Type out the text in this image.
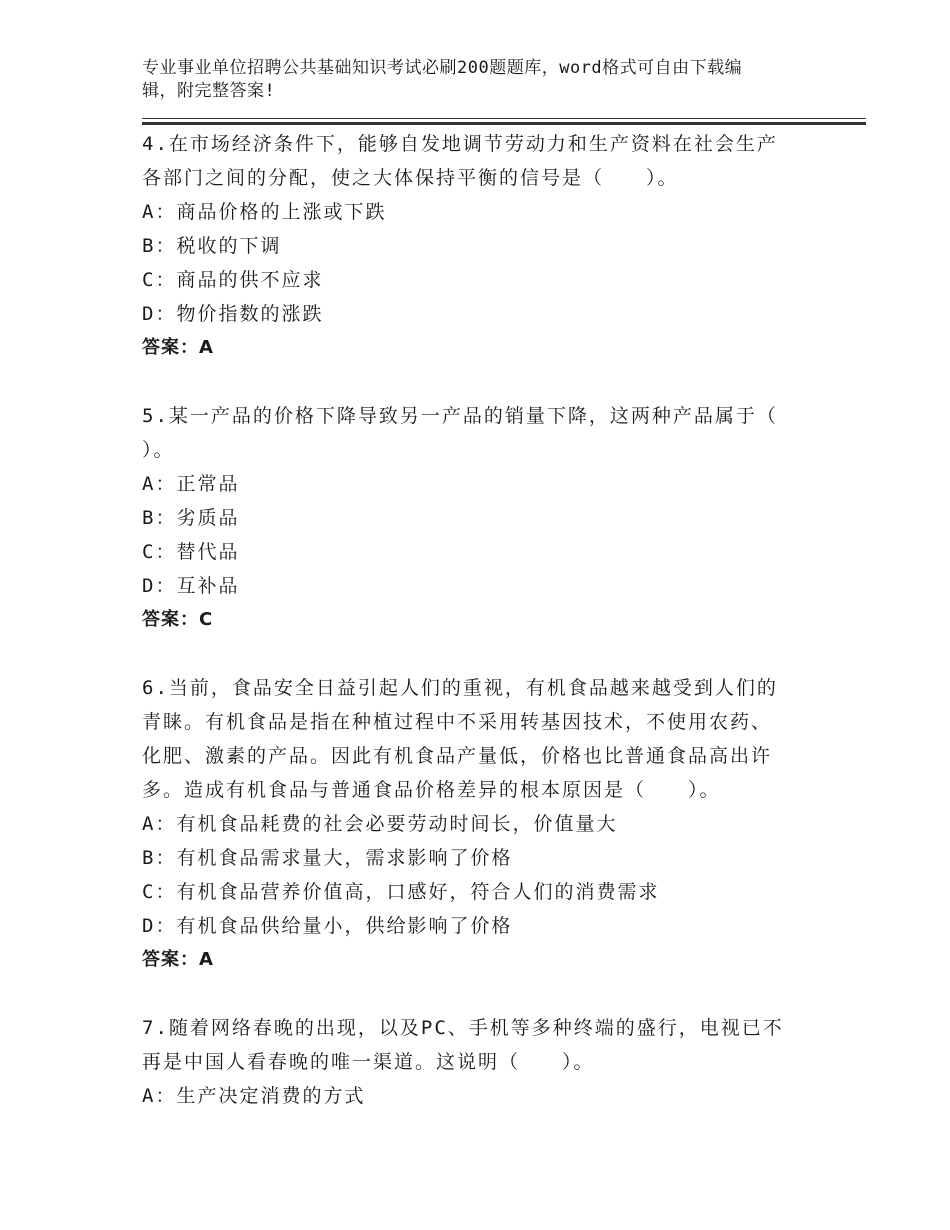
专业事业单位招聘公共基础知识考试必刷200题题库，word格式可自由下载编
辑，附完整答案!
4.在市场经济条件下，能够自发地调节劳动力和生产资料在社会生产
各部门之间的分配，使之大体保持平衡的信号是（　　）。
A：商品价格的上涨或下跌
B：税收的下调
C：商品的供不应求
D：物价指数的涨跌
答案：A
5.某一产品的价格下降导致另一产品的销量下降，这两种产品属于（
）。
A：正常品
B：劣质品
C：替代品
D：互补品
答案：C
6.当前，食品安全日益引起人们的重视，有机食品越来越受到人们的
青睐。有机食品是指在种植过程中不采用转基因技术，不使用农药、
化肥、激素的产品。因此有机食品产量低，价格也比普通食品高出许
多。造成有机食品与普通食品价格差异的根本原因是（　　）。
A：有机食品耗费的社会必要劳动时间长，价值量大
B：有机食品需求量大，需求影响了价格
C：有机食品营养价值高，口感好，符合人们的消费需求
D：有机食品供给量小，供给影响了价格
答案：A
7.随着网络春晚的出现，以及PC、手机等多种终端的盛行，电视已不
再是中国人看春晚的唯一渠道。这说明（　　）。
A：生产决定消费的方式
